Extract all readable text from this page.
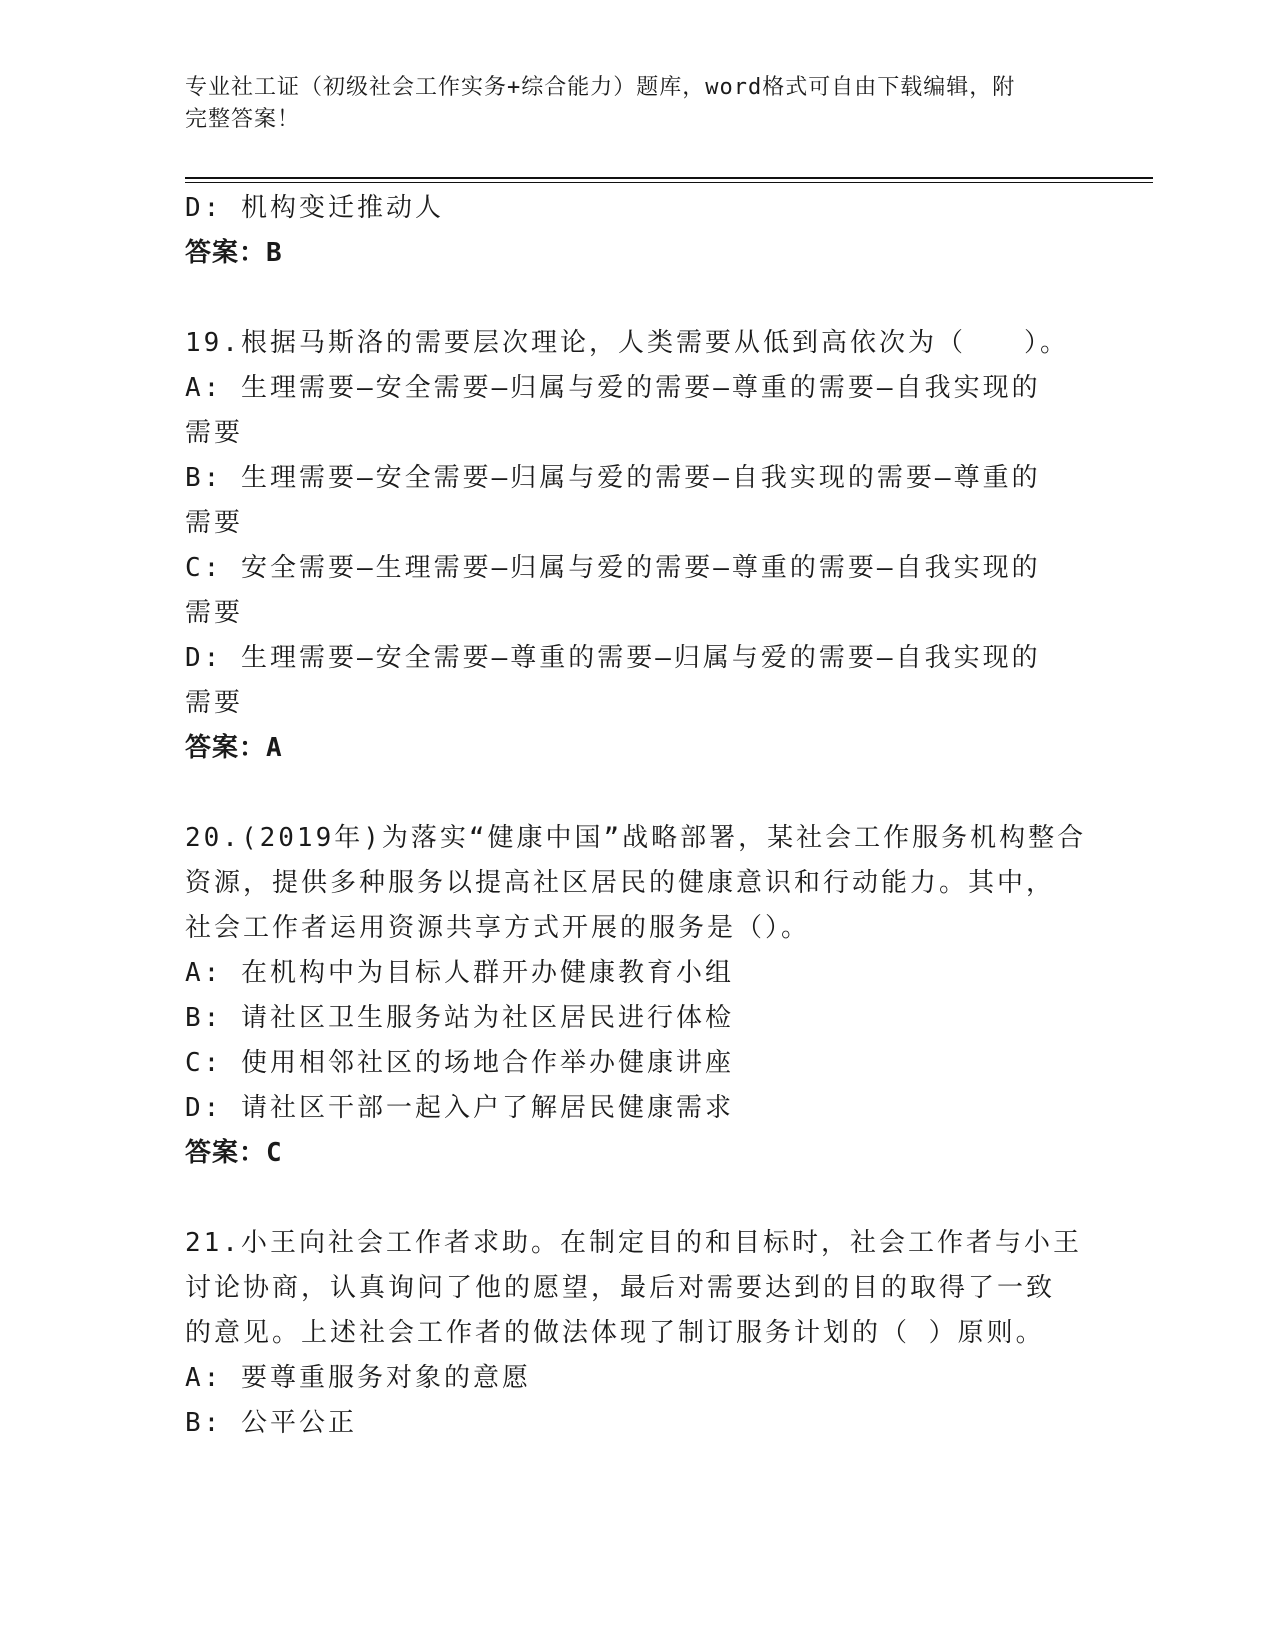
专业社工证（初级社会工作实务+综合能力）题库，word格式可自由下载编辑，附
完整答案！
D: 机构变迁推动人
答案：B
19.根据马斯洛的需要层次理论，人类需要从低到高依次为（　　）。
A: 生理需要—安全需要—归属与爱的需要—尊重的需要—自我实现的
需要
B: 生理需要—安全需要—归属与爱的需要—自我实现的需要—尊重的
需要
C: 安全需要—生理需要—归属与爱的需要—尊重的需要—自我实现的
需要
D: 生理需要—安全需要—尊重的需要—归属与爱的需要—自我实现的
需要
答案：A
20.(2019年)为落实“健康中国”战略部署，某社会工作服务机构整合
资源，提供多种服务以提高社区居民的健康意识和行动能力。其中，
社会工作者运用资源共享方式开展的服务是（）。
A: 在机构中为目标人群开办健康教育小组
B: 请社区卫生服务站为社区居民进行体检
C: 使用相邻社区的场地合作举办健康讲座
D: 请社区干部一起入户了解居民健康需求
答案：C
21.小王向社会工作者求助。在制定目的和目标时，社会工作者与小王
讨论协商，认真询问了他的愿望，最后对需要达到的目的取得了一致
的意见。上述社会工作者的做法体现了制订服务计划的（ ）原则。
A: 要尊重服务对象的意愿
B: 公平公正
